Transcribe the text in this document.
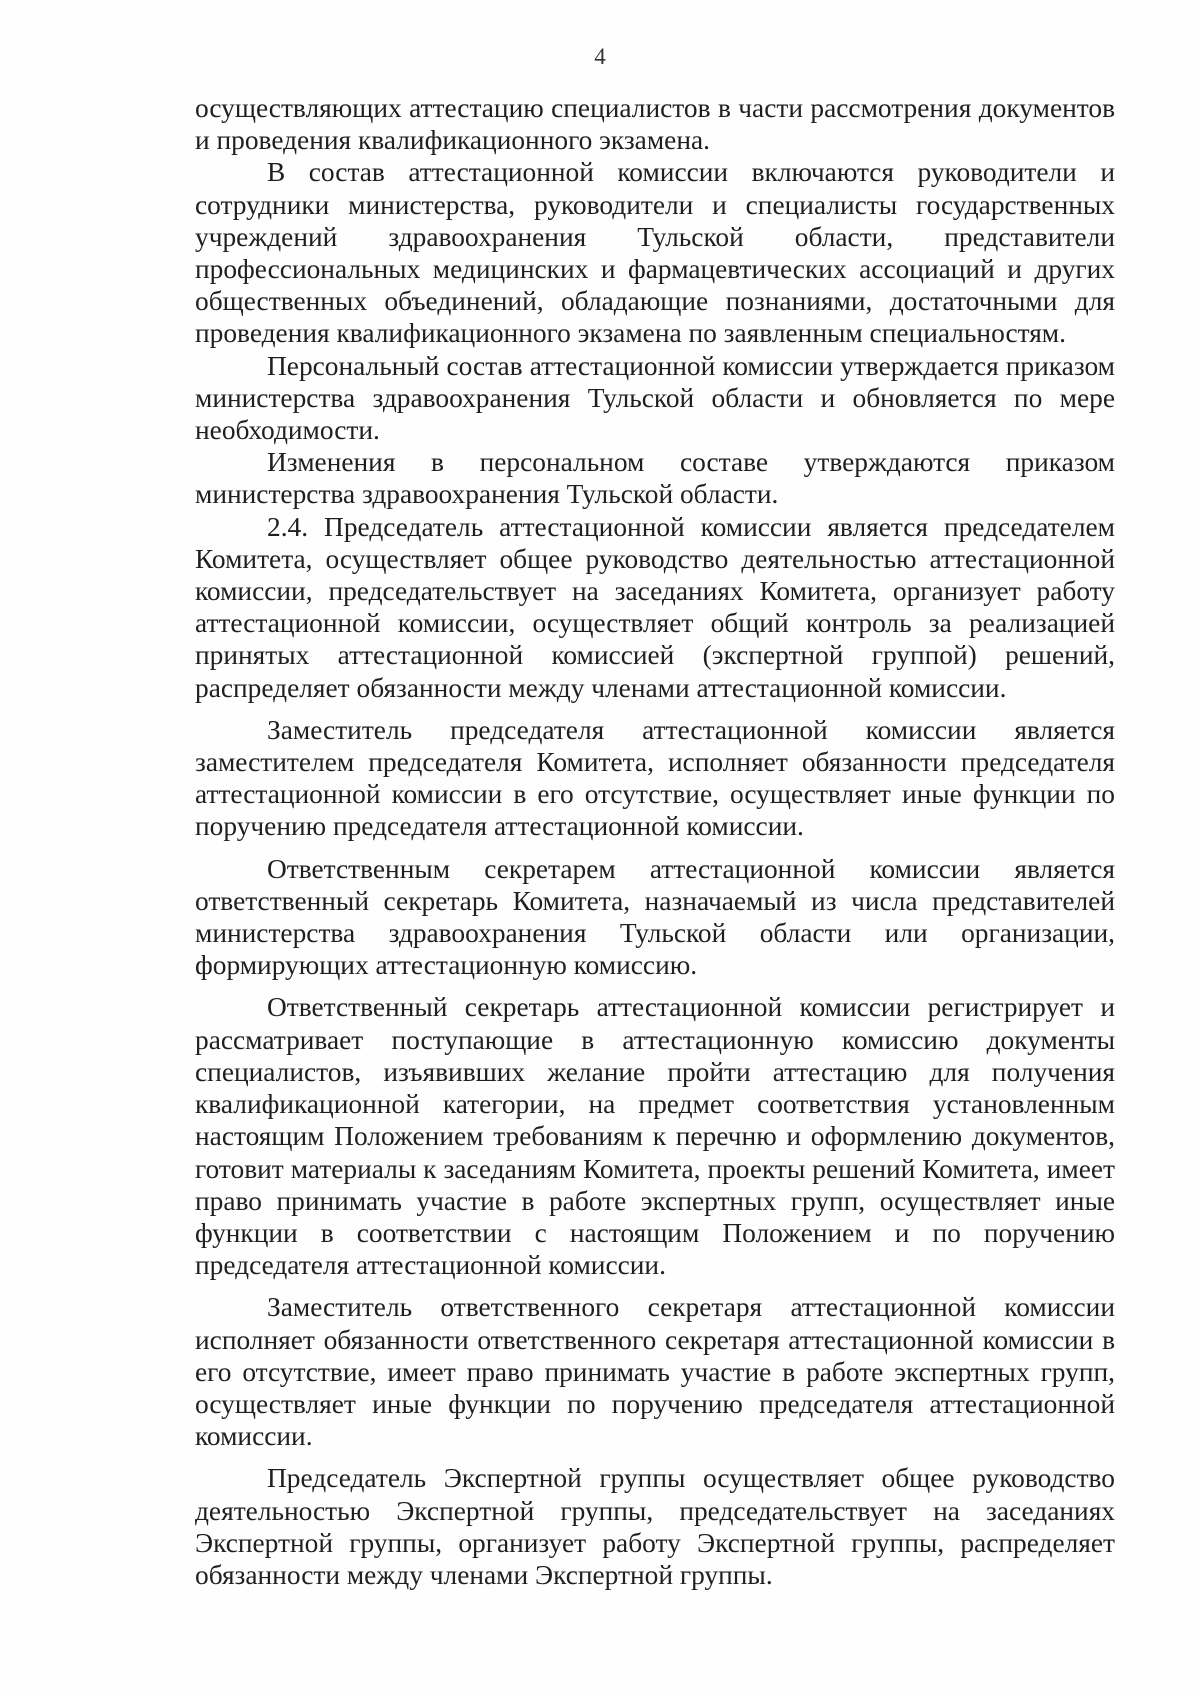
4

осуществляющих аттестацию специалистов в части рассмотрения документов и проведения квалификационного экзамена.

В состав аттестационной комиссии включаются руководители и сотрудники министерства, руководители и специалисты государственных учреждений здравоохранения Тульской области, представители профессиональных медицинских и фармацевтических ассоциаций и других общественных объединений, обладающие познаниями, достаточными для проведения квалификационного экзамена по заявленным специальностям.

Персональный состав аттестационной комиссии утверждается приказом министерства здравоохранения Тульской области и обновляется по мере необходимости.

Изменения в персональном составе утверждаются приказом министерства здравоохранения Тульской области.

2.4. Председатель аттестационной комиссии является председателем Комитета, осуществляет общее руководство деятельностью аттестационной комиссии, председательствует на заседаниях Комитета, организует работу аттестационной комиссии, осуществляет общий контроль за реализацией принятых аттестационной комиссией (экспертной группой) решений, распределяет обязанности между членами аттестационной комиссии.

Заместитель председателя аттестационной комиссии является заместителем председателя Комитета, исполняет обязанности председателя аттестационной комиссии в его отсутствие, осуществляет иные функции по поручению председателя аттестационной комиссии.

Ответственным секретарем аттестационной комиссии является ответственный секретарь Комитета, назначаемый из числа представителей министерства здравоохранения Тульской области или организации, формирующих аттестационную комиссию.

Ответственный секретарь аттестационной комиссии регистрирует и рассматривает поступающие в аттестационную комиссию документы специалистов, изъявивших желание пройти аттестацию для получения квалификационной категории, на предмет соответствия установленным настоящим Положением требованиям к перечню и оформлению документов, готовит материалы к заседаниям Комитета, проекты решений Комитета, имеет право принимать участие в работе экспертных групп, осуществляет иные функции в соответствии с настоящим Положением и по поручению председателя аттестационной комиссии.

Заместитель ответственного секретаря аттестационной комиссии исполняет обязанности ответственного секретаря аттестационной комиссии в его отсутствие, имеет право принимать участие в работе экспертных групп, осуществляет иные функции по поручению председателя аттестационной комиссии.

Председатель Экспертной группы осуществляет общее руководство деятельностью Экспертной группы, председательствует на заседаниях Экспертной группы, организует работу Экспертной группы, распределяет обязанности между членами Экспертной группы.
